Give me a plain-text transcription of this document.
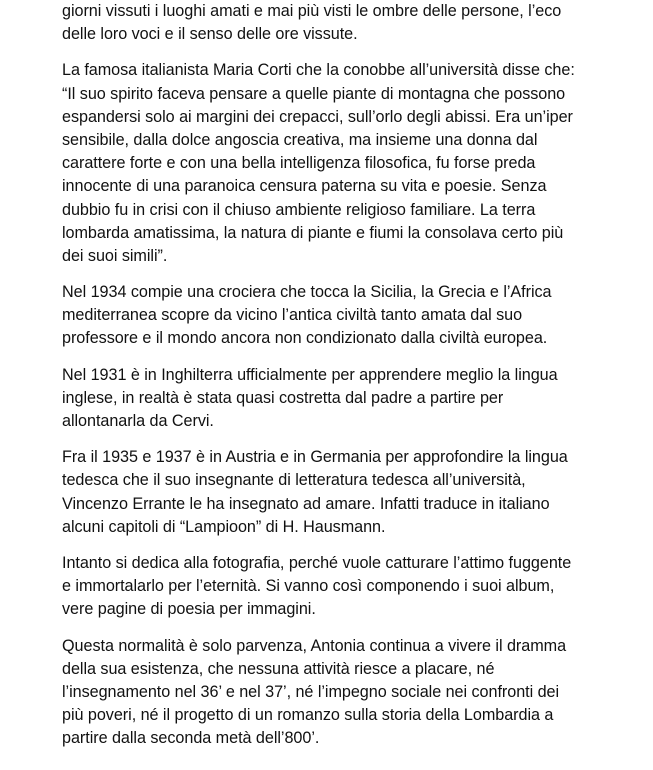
giorni vissuti i luoghi amati e mai più visti le ombre delle persone, l’eco
delle loro voci e il senso delle ore vissute.

La famosa italianista Maria Corti che la conobbe all’università disse che:
“Il suo spirito faceva pensare a quelle piante di montagna che possono
espandersi solo ai margini dei crepacci, sull’orlo degli abissi. Era un’iper
sensibile, dalla dolce angoscia creativa, ma insieme una donna dal
carattere forte e con una bella intelligenza filosofica, fu forse preda
innocente di una paranoica censura paterna su vita e poesie. Senza
dubbio fu in crisi con il chiuso ambiente religioso familiare. La terra
lombarda amatissima, la natura di piante e fiumi la consolava certo più
dei suoi simili”.

Nel 1934 compie una crociera che tocca la Sicilia, la Grecia e l’Africa
mediterranea scopre da vicino l’antica civiltà tanto amata dal suo
professore e il mondo ancora non condizionato dalla civiltà europea.

Nel 1931 è in Inghilterra ufficialmente per apprendere meglio la lingua
inglese, in realtà è stata quasi costretta dal padre a partire per
allontanarla da Cervi.

Fra il 1935 e 1937 è in Austria e in Germania per approfondire la lingua
tedesca che il suo insegnante di letteratura tedesca all’università,
Vincenzo Errante le ha insegnato ad amare. Infatti traduce in italiano
alcuni capitoli di “Lampioon” di H. Hausmann.

Intanto si dedica alla fotografia, perché vuole catturare l’attimo fuggente
e immortalarlo per l’eternità. Si vanno così componendo i suoi album,
vere pagine di poesia per immagini.

Questa normalità è solo parvenza, Antonia continua a vivere il dramma
della sua esistenza, che nessuna attività riesce a placare, né
l’insegnamento nel 36’ e nel 37’, né l’impegno sociale nei confronti dei
più poveri, né il progetto di un romanzo sulla storia della Lombardia a
partire dalla seconda metà dell’800’.
